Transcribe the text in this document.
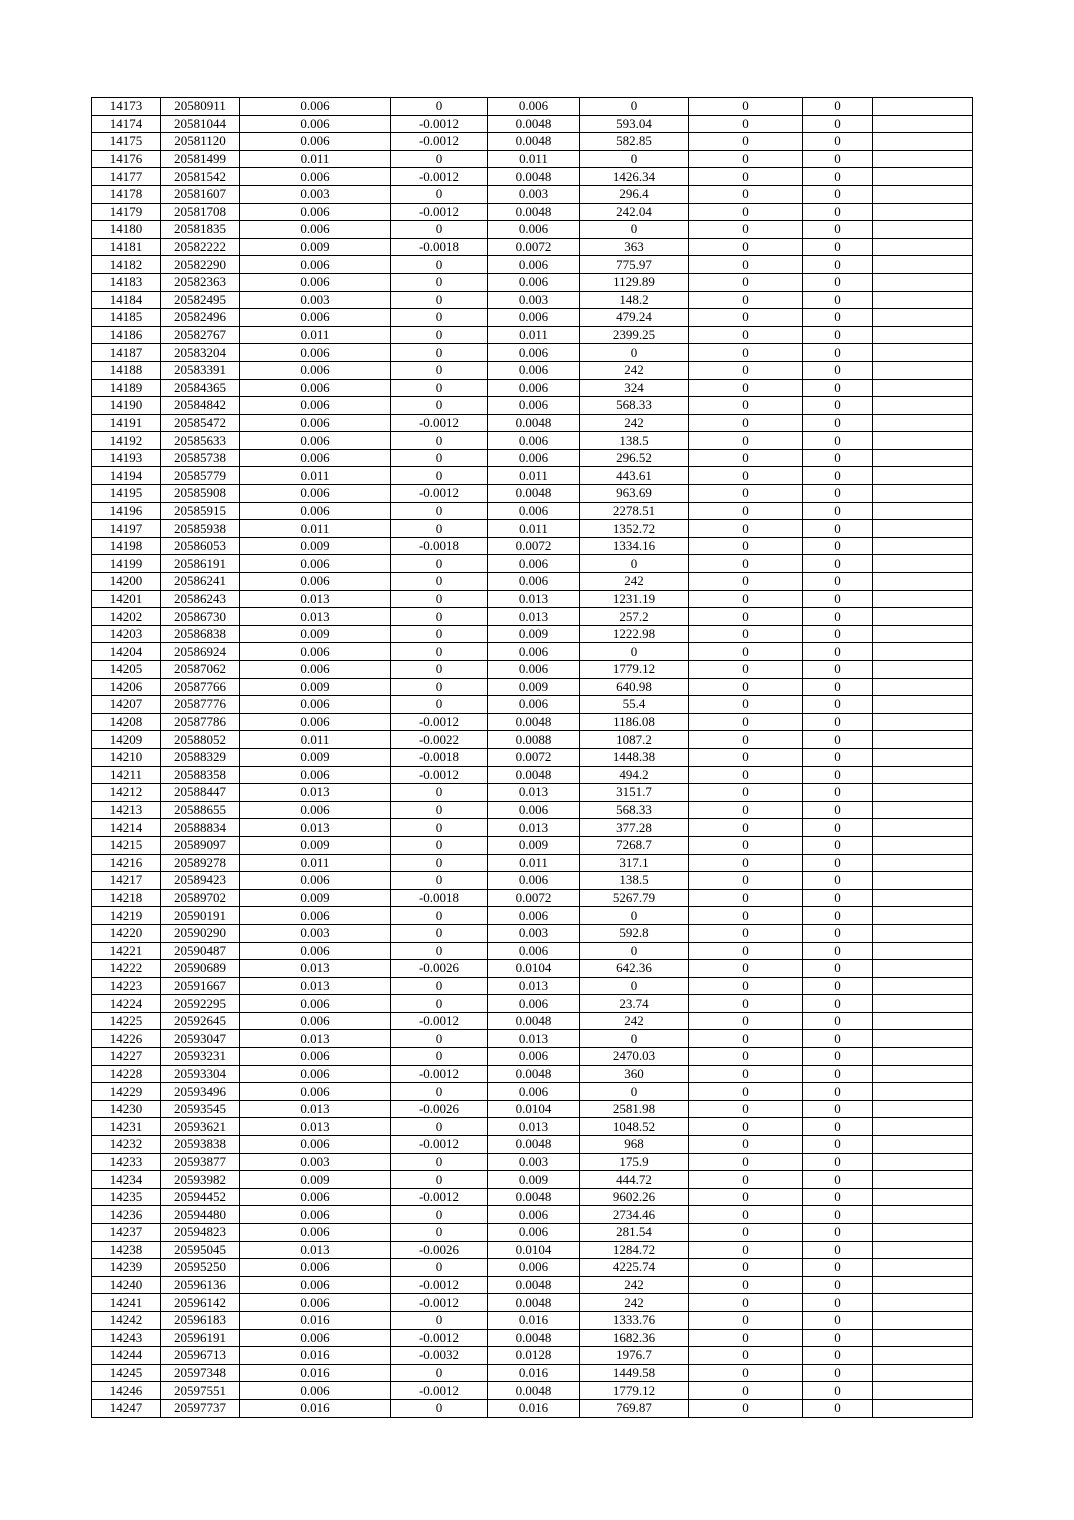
14173	20580911	0.006	0	0.006	0	0	0	
14174	20581044	0.006	-0.0012	0.0048	593.04	0	0	
14175	20581120	0.006	-0.0012	0.0048	582.85	0	0	
14176	20581499	0.011	0	0.011	0	0	0	
14177	20581542	0.006	-0.0012	0.0048	1426.34	0	0	
14178	20581607	0.003	0	0.003	296.4	0	0	
14179	20581708	0.006	-0.0012	0.0048	242.04	0	0	
14180	20581835	0.006	0	0.006	0	0	0	
14181	20582222	0.009	-0.0018	0.0072	363	0	0	
14182	20582290	0.006	0	0.006	775.97	0	0	
14183	20582363	0.006	0	0.006	1129.89	0	0	
14184	20582495	0.003	0	0.003	148.2	0	0	
14185	20582496	0.006	0	0.006	479.24	0	0	
14186	20582767	0.011	0	0.011	2399.25	0	0	
14187	20583204	0.006	0	0.006	0	0	0	
14188	20583391	0.006	0	0.006	242	0	0	
14189	20584365	0.006	0	0.006	324	0	0	
14190	20584842	0.006	0	0.006	568.33	0	0	
14191	20585472	0.006	-0.0012	0.0048	242	0	0	
14192	20585633	0.006	0	0.006	138.5	0	0	
14193	20585738	0.006	0	0.006	296.52	0	0	
14194	20585779	0.011	0	0.011	443.61	0	0	
14195	20585908	0.006	-0.0012	0.0048	963.69	0	0	
14196	20585915	0.006	0	0.006	2278.51	0	0	
14197	20585938	0.011	0	0.011	1352.72	0	0	
14198	20586053	0.009	-0.0018	0.0072	1334.16	0	0	
14199	20586191	0.006	0	0.006	0	0	0	
14200	20586241	0.006	0	0.006	242	0	0	
14201	20586243	0.013	0	0.013	1231.19	0	0	
14202	20586730	0.013	0	0.013	257.2	0	0	
14203	20586838	0.009	0	0.009	1222.98	0	0	
14204	20586924	0.006	0	0.006	0	0	0	
14205	20587062	0.006	0	0.006	1779.12	0	0	
14206	20587766	0.009	0	0.009	640.98	0	0	
14207	20587776	0.006	0	0.006	55.4	0	0	
14208	20587786	0.006	-0.0012	0.0048	1186.08	0	0	
14209	20588052	0.011	-0.0022	0.0088	1087.2	0	0	
14210	20588329	0.009	-0.0018	0.0072	1448.38	0	0	
14211	20588358	0.006	-0.0012	0.0048	494.2	0	0	
14212	20588447	0.013	0	0.013	3151.7	0	0	
14213	20588655	0.006	0	0.006	568.33	0	0	
14214	20588834	0.013	0	0.013	377.28	0	0	
14215	20589097	0.009	0	0.009	7268.7	0	0	
14216	20589278	0.011	0	0.011	317.1	0	0	
14217	20589423	0.006	0	0.006	138.5	0	0	
14218	20589702	0.009	-0.0018	0.0072	5267.79	0	0	
14219	20590191	0.006	0	0.006	0	0	0	
14220	20590290	0.003	0	0.003	592.8	0	0	
14221	20590487	0.006	0	0.006	0	0	0	
14222	20590689	0.013	-0.0026	0.0104	642.36	0	0	
14223	20591667	0.013	0	0.013	0	0	0	
14224	20592295	0.006	0	0.006	23.74	0	0	
14225	20592645	0.006	-0.0012	0.0048	242	0	0	
14226	20593047	0.013	0	0.013	0	0	0	
14227	20593231	0.006	0	0.006	2470.03	0	0	
14228	20593304	0.006	-0.0012	0.0048	360	0	0	
14229	20593496	0.006	0	0.006	0	0	0	
14230	20593545	0.013	-0.0026	0.0104	2581.98	0	0	
14231	20593621	0.013	0	0.013	1048.52	0	0	
14232	20593838	0.006	-0.0012	0.0048	968	0	0	
14233	20593877	0.003	0	0.003	175.9	0	0	
14234	20593982	0.009	0	0.009	444.72	0	0	
14235	20594452	0.006	-0.0012	0.0048	9602.26	0	0	
14236	20594480	0.006	0	0.006	2734.46	0	0	
14237	20594823	0.006	0	0.006	281.54	0	0	
14238	20595045	0.013	-0.0026	0.0104	1284.72	0	0	
14239	20595250	0.006	0	0.006	4225.74	0	0	
14240	20596136	0.006	-0.0012	0.0048	242	0	0	
14241	20596142	0.006	-0.0012	0.0048	242	0	0	
14242	20596183	0.016	0	0.016	1333.76	0	0	
14243	20596191	0.006	-0.0012	0.0048	1682.36	0	0	
14244	20596713	0.016	-0.0032	0.0128	1976.7	0	0	
14245	20597348	0.016	0	0.016	1449.58	0	0	
14246	20597551	0.006	-0.0012	0.0048	1779.12	0	0	
14247	20597737	0.016	0	0.016	769.87	0	0	
